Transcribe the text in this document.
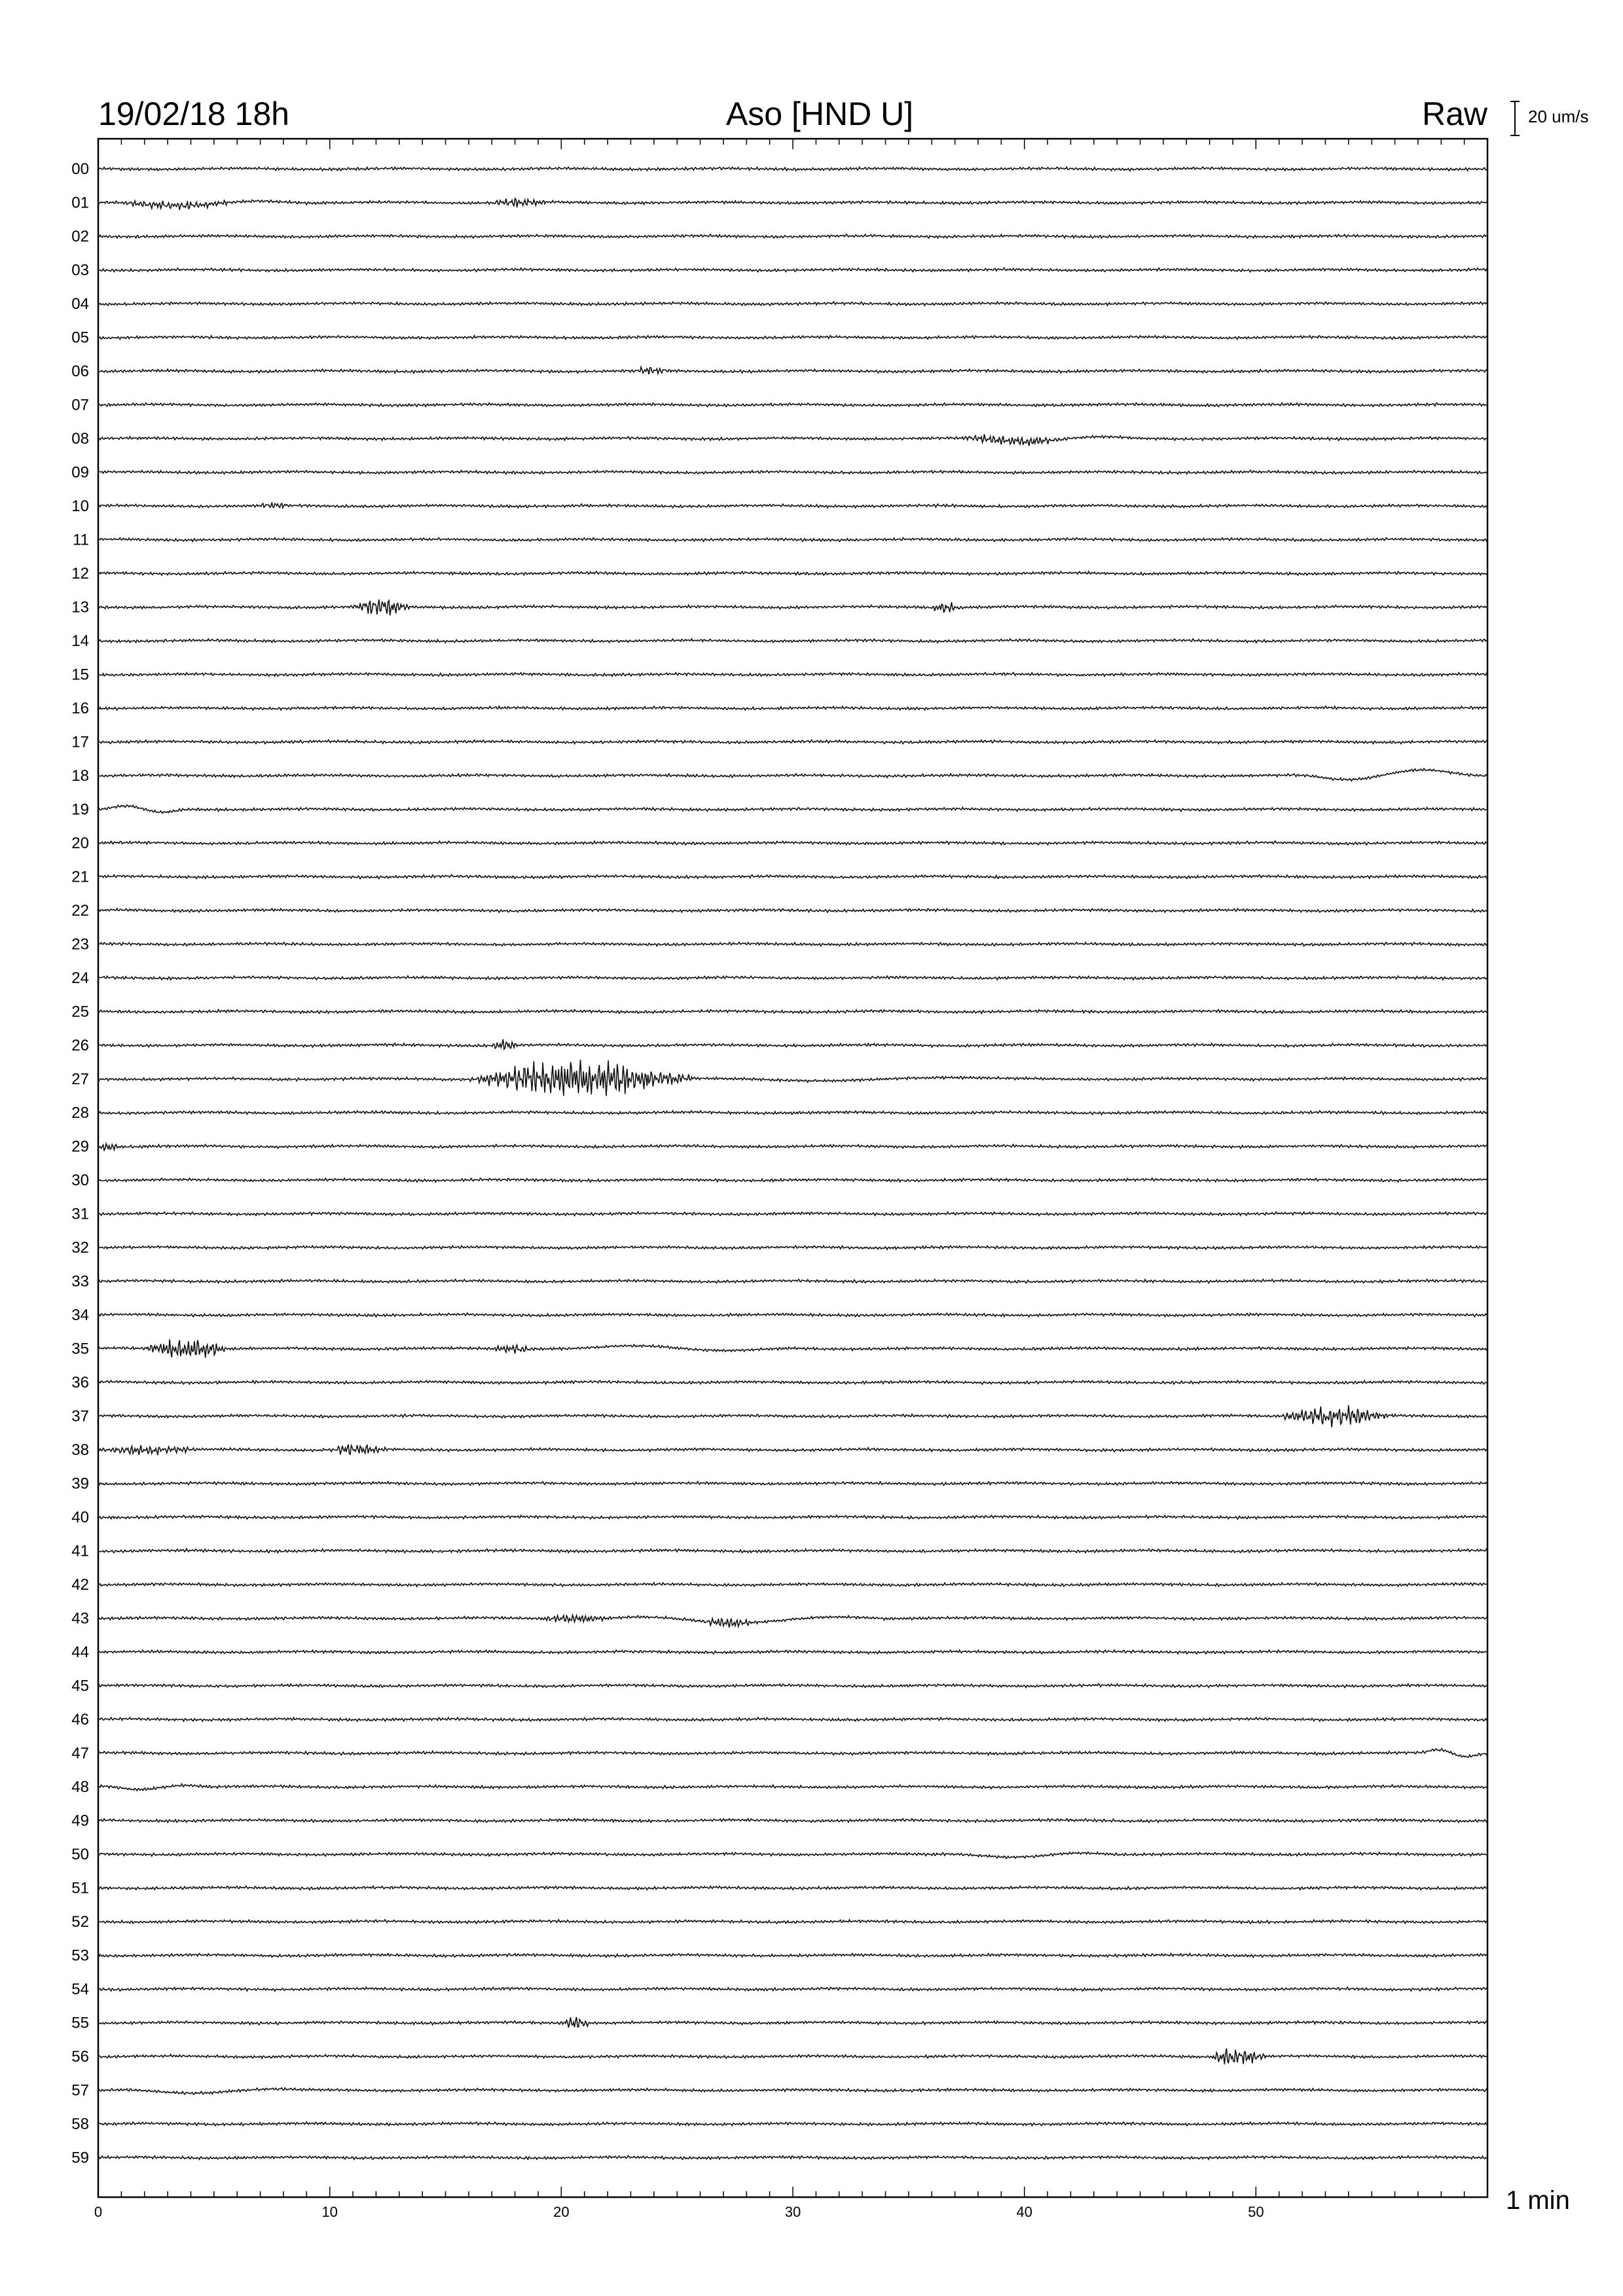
19/02/18 18h	Aso [HND U]	Raw 20 um/s
00
01
02
03
04
05
06
07
08
09
10
11
12
13
14
15
16
17
18
19
20
21
22
23
24
25
26
27
28
29
30
31
32
33
34
35
36
37
38
39
40
41
42
43
44
45
46
47
48
49
50
51
52
53
54
55
56
57
58
59
0	10	20	30	40	50	1 min
